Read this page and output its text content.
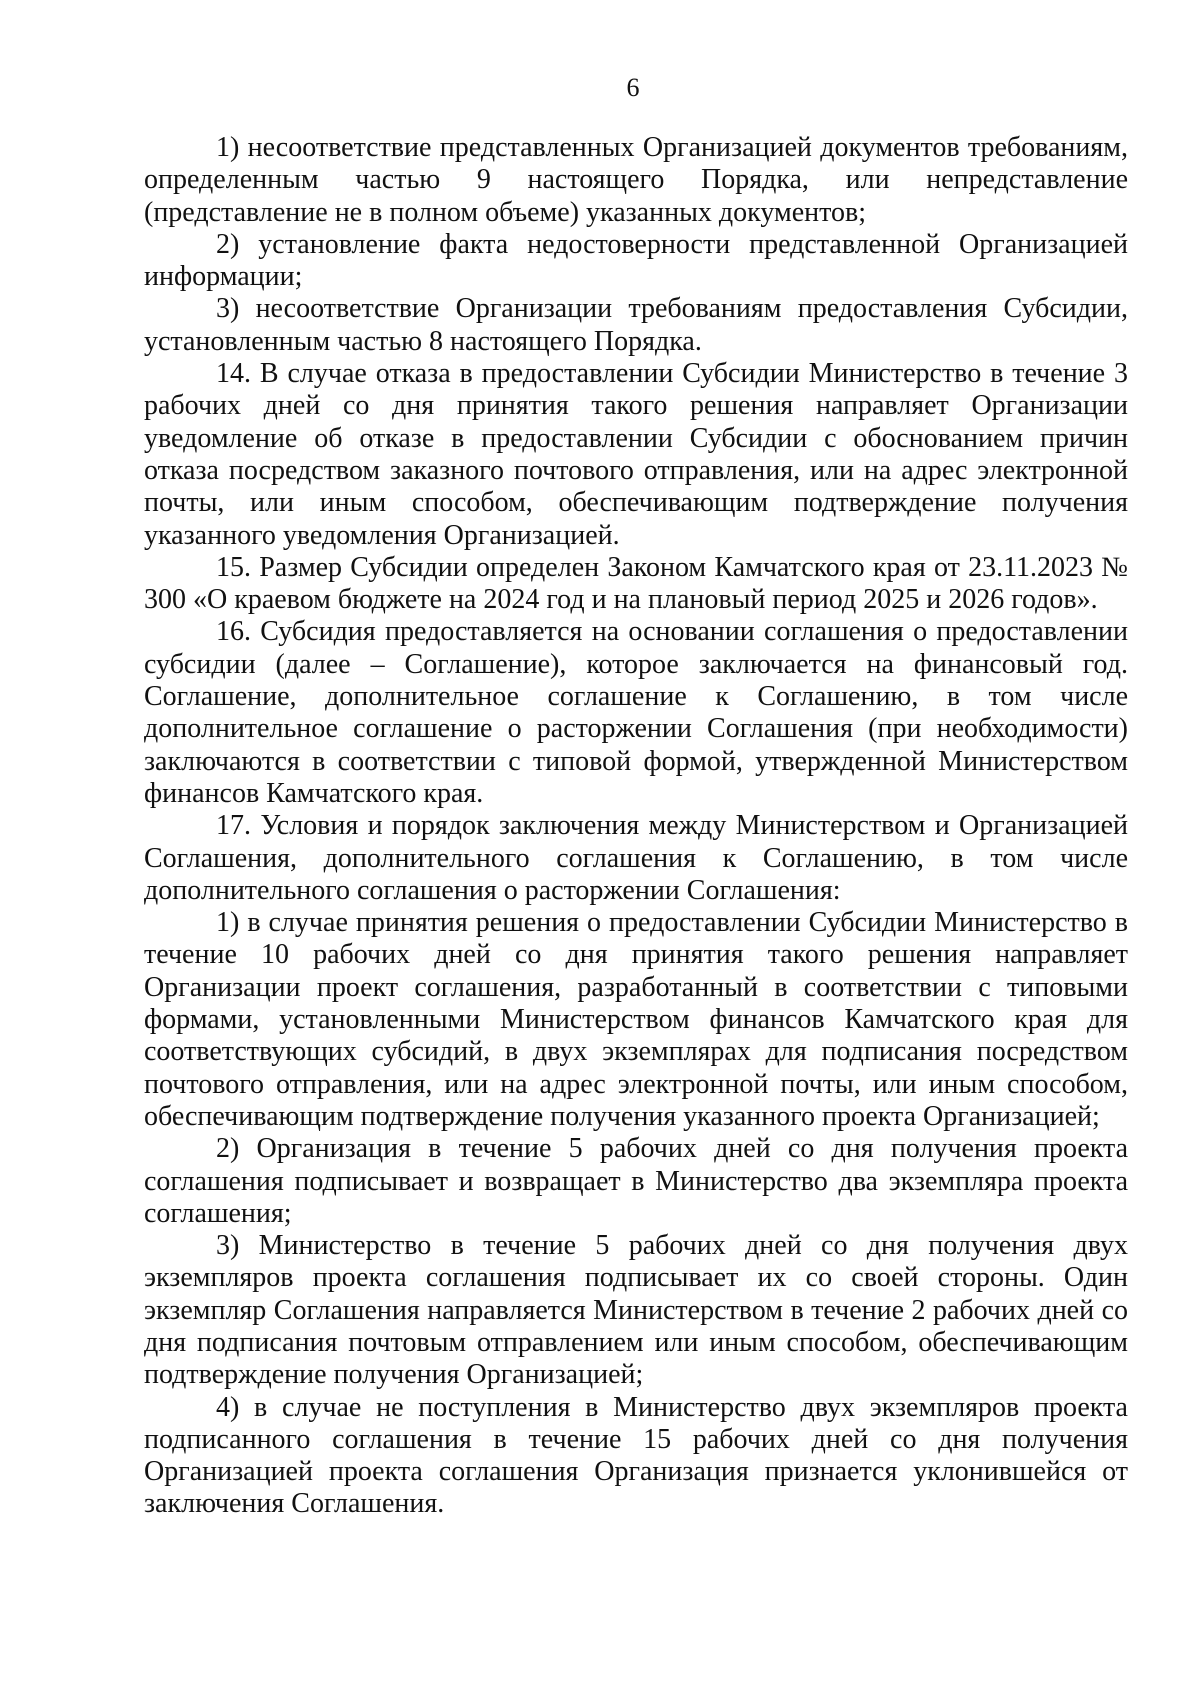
6

1) несоответствие представленных Организацией документов требованиям, определенным частью 9 настоящего Порядка, или непредставление (представление не в полном объеме) указанных документов;

2) установление факта недостоверности представленной Организацией информации;

3) несоответствие Организации требованиям предоставления Субсидии, установленным частью 8 настоящего Порядка.

14. В случае отказа в предоставлении Субсидии Министерство в течение 3 рабочих дней со дня принятия такого решения направляет Организации уведомление об отказе в предоставлении Субсидии с обоснованием причин отказа посредством заказного почтового отправления, или на адрес электронной почты, или иным способом, обеспечивающим подтверждение получения указанного уведомления Организацией.

15. Размер Субсидии определен Законом Камчатского края от 23.11.2023 № 300 «О краевом бюджете на 2024 год и на плановый период 2025 и 2026 годов».

16. Субсидия предоставляется на основании соглашения о предоставлении субсидии (далее – Соглашение), которое заключается на финансовый год. Соглашение, дополнительное соглашение к Соглашению, в том числе дополнительное соглашение о расторжении Соглашения (при необходимости) заключаются в соответствии с типовой формой, утвержденной Министерством финансов Камчатского края.

17. Условия и порядок заключения между Министерством и Организацией Соглашения, дополнительного соглашения к Соглашению, в том числе дополнительного соглашения о расторжении Соглашения:

1) в случае принятия решения о предоставлении Субсидии Министерство в течение 10 рабочих дней со дня принятия такого решения направляет Организации проект соглашения, разработанный в соответствии с типовыми формами, установленными Министерством финансов Камчатского края для соответствующих субсидий, в двух экземплярах для подписания посредством почтового отправления, или на адрес электронной почты, или иным способом, обеспечивающим подтверждение получения указанного проекта Организацией;

2) Организация в течение 5 рабочих дней со дня получения проекта соглашения подписывает и возвращает в Министерство два экземпляра проекта соглашения;

3) Министерство в течение 5 рабочих дней со дня получения двух экземпляров проекта соглашения подписывает их со своей стороны. Один экземпляр Соглашения направляется Министерством в течение 2 рабочих дней со дня подписания почтовым отправлением или иным способом, обеспечивающим подтверждение получения Организацией;

4) в случае не поступления в Министерство двух экземпляров проекта подписанного соглашения в течение 15 рабочих дней со дня получения Организацией проекта соглашения Организация признается уклонившейся от заключения Соглашения.
